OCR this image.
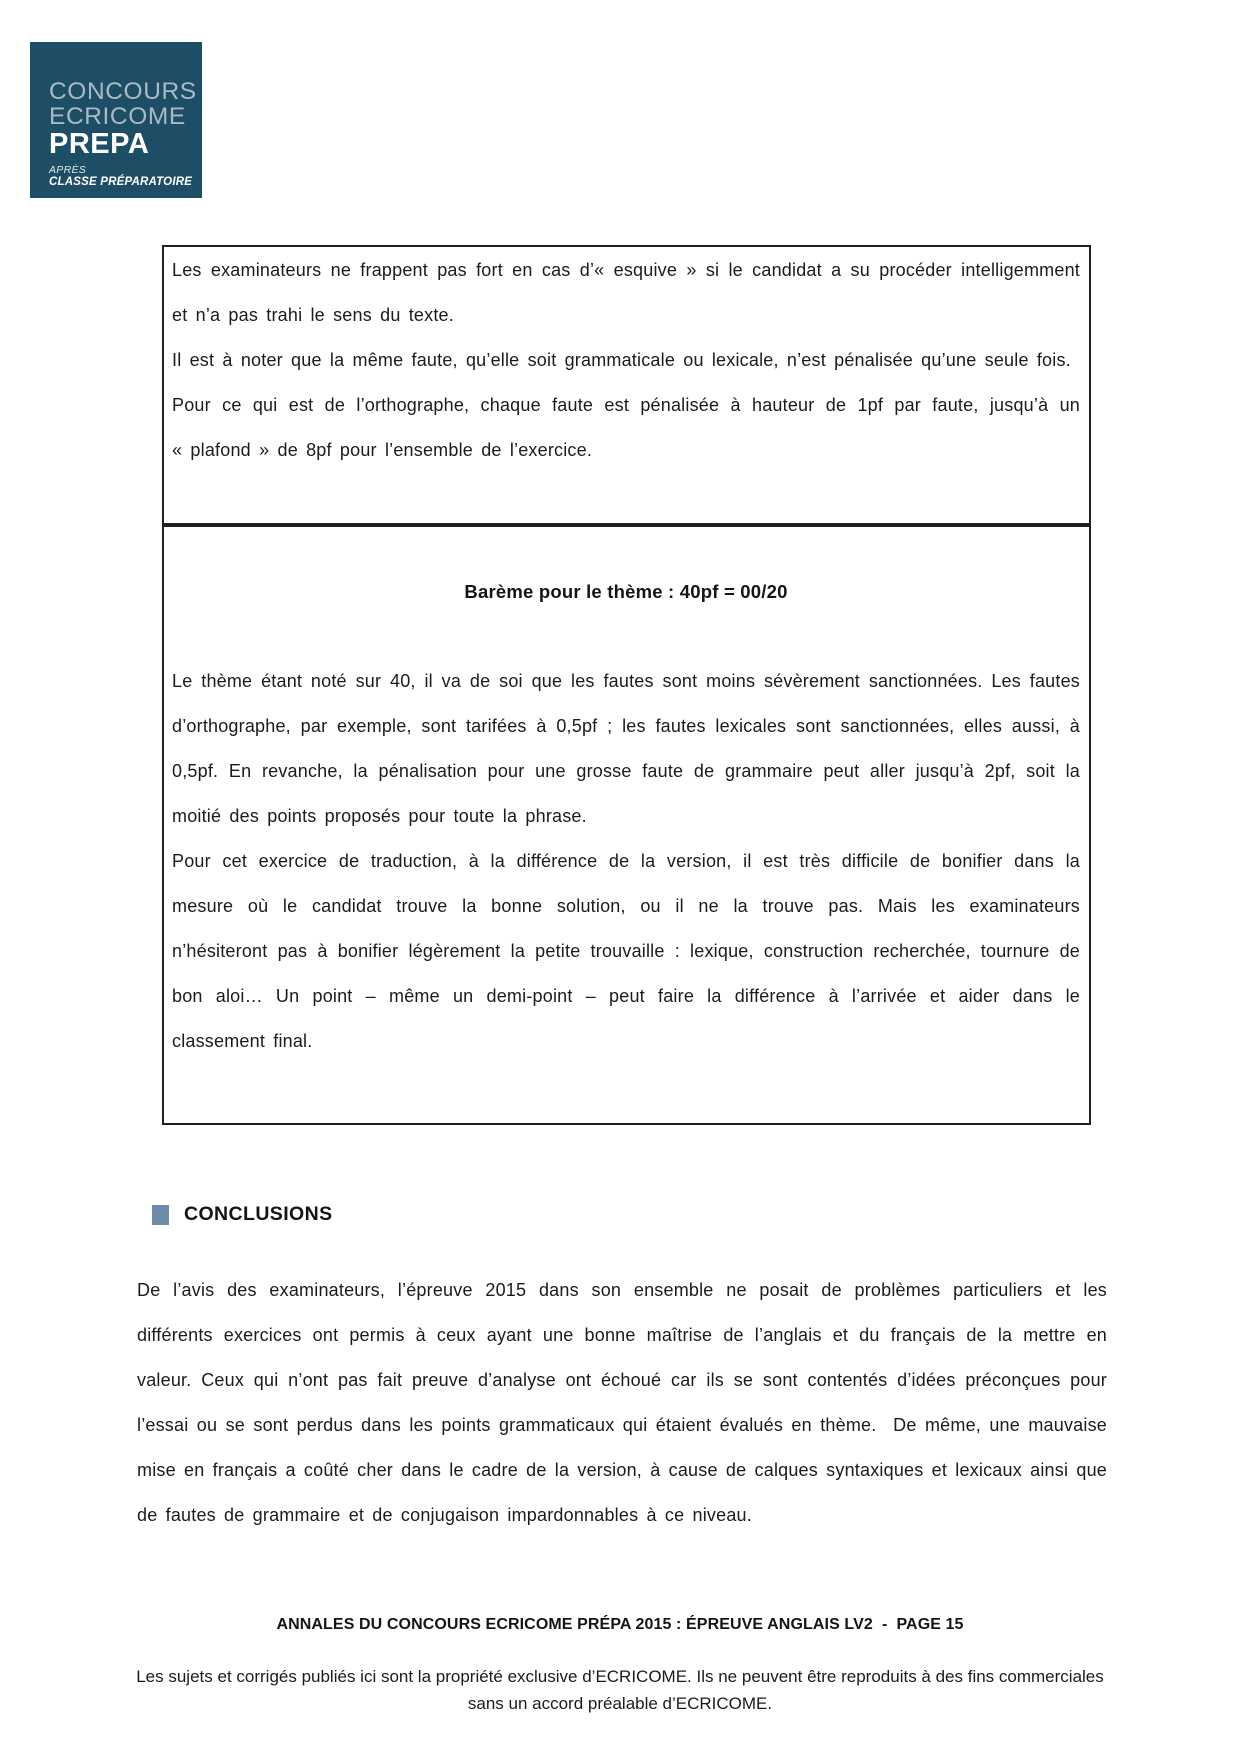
CONCOURS
ECRICOME
PREPA
APRÈS
CLASSE PRÉPARATOIRE

Les examinateurs ne frappent pas fort en cas d’« esquive » si le candidat a su procéder intelligemment et n’a pas trahi le sens du texte.

Il est à noter que la même faute, qu’elle soit grammaticale ou lexicale, n’est pénalisée qu’une seule fois.

Pour ce qui est de l’orthographe, chaque faute est pénalisée à hauteur de 1pf par faute, jusqu’à un « plafond » de 8pf pour l’ensemble de l’exercice.

Barème pour le thème : 40pf = 00/20

Le thème étant noté sur 40, il va de soi que les fautes sont moins sévèrement sanctionnées. Les fautes d’orthographe, par exemple, sont tarifées à 0,5pf ; les fautes lexicales sont sanctionnées, elles aussi, à 0,5pf. En revanche, la pénalisation pour une grosse faute de grammaire peut aller jusqu’à 2pf, soit la moitié des points proposés pour toute la phrase.

Pour cet exercice de traduction, à la différence de la version, il est très difficile de bonifier dans la mesure où le candidat trouve la bonne solution, ou il ne la trouve pas. Mais les examinateurs n’hésiteront pas à bonifier légèrement la petite trouvaille : lexique, construction recherchée, tournure de bon aloi… Un point – même un demi-point – peut faire la différence à l’arrivée et aider dans le classement final.

CONCLUSIONS

De l’avis des examinateurs, l’épreuve 2015 dans son ensemble ne posait de problèmes particuliers et les différents exercices ont permis à ceux ayant une bonne maîtrise de l’anglais et du français de la mettre en valeur. Ceux qui n’ont pas fait preuve d’analyse ont échoué car ils se sont contentés d’idées préconçues pour l’essai ou se sont perdus dans les points grammaticaux qui étaient évalués en thème.  De même, une mauvaise mise en français a coûté cher dans le cadre de la version, à cause de calques syntaxiques et lexicaux ainsi que de fautes de grammaire et de conjugaison impardonnables à ce niveau.

ANNALES DU CONCOURS ECRICOME PRÉPA 2015 : ÉPREUVE ANGLAIS LV2  -  PAGE 15
Les sujets et corrigés publiés ici sont la propriété exclusive d’ECRICOME. Ils ne peuvent être reproduits à des fins commerciales sans un accord préalable d’ECRICOME.
